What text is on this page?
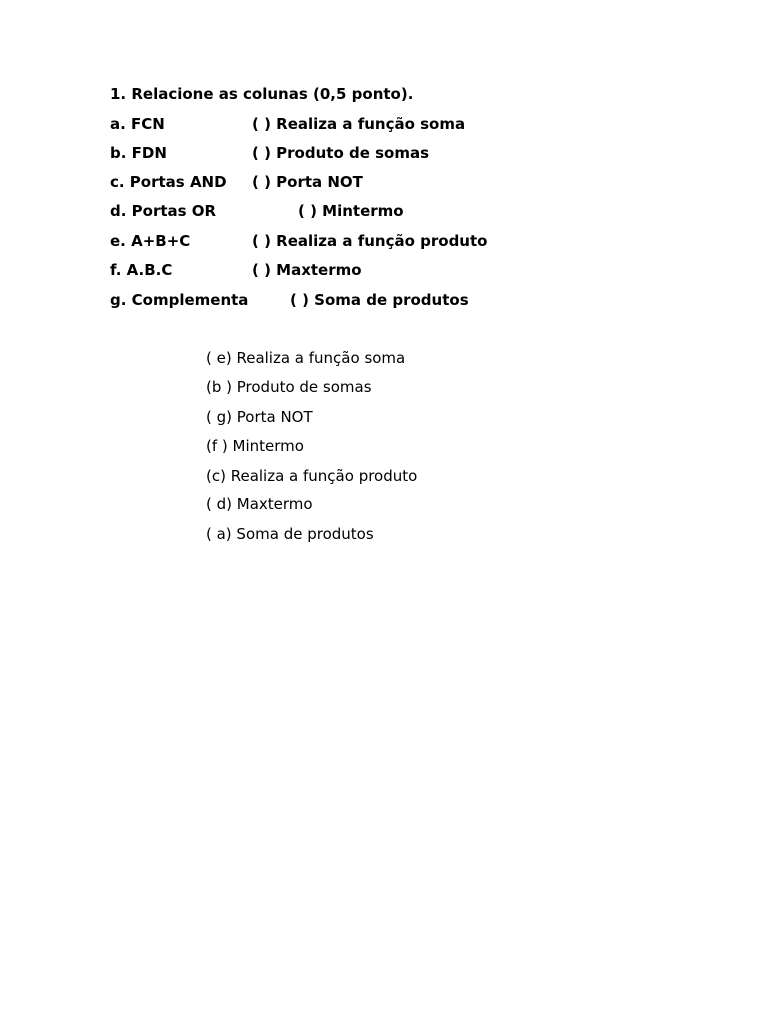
1. Relacione as colunas (0,5 ponto).
a. FCN	( ) Realiza a função soma
b. FDN	( ) Produto de somas
c. Portas AND ( ) Porta NOT
d. Portas OR	( ) Mintermo
e. A+B+C	( ) Realiza a função produto
f. A.B.C	( ) Maxtermo
g. Complementa	( ) Soma de produtos
( e) Realiza a função soma
(b ) Produto de somas
( g) Porta NOT
(f ) Mintermo
(c) Realiza a função produto
( d) Maxtermo
( a) Soma de produtos
